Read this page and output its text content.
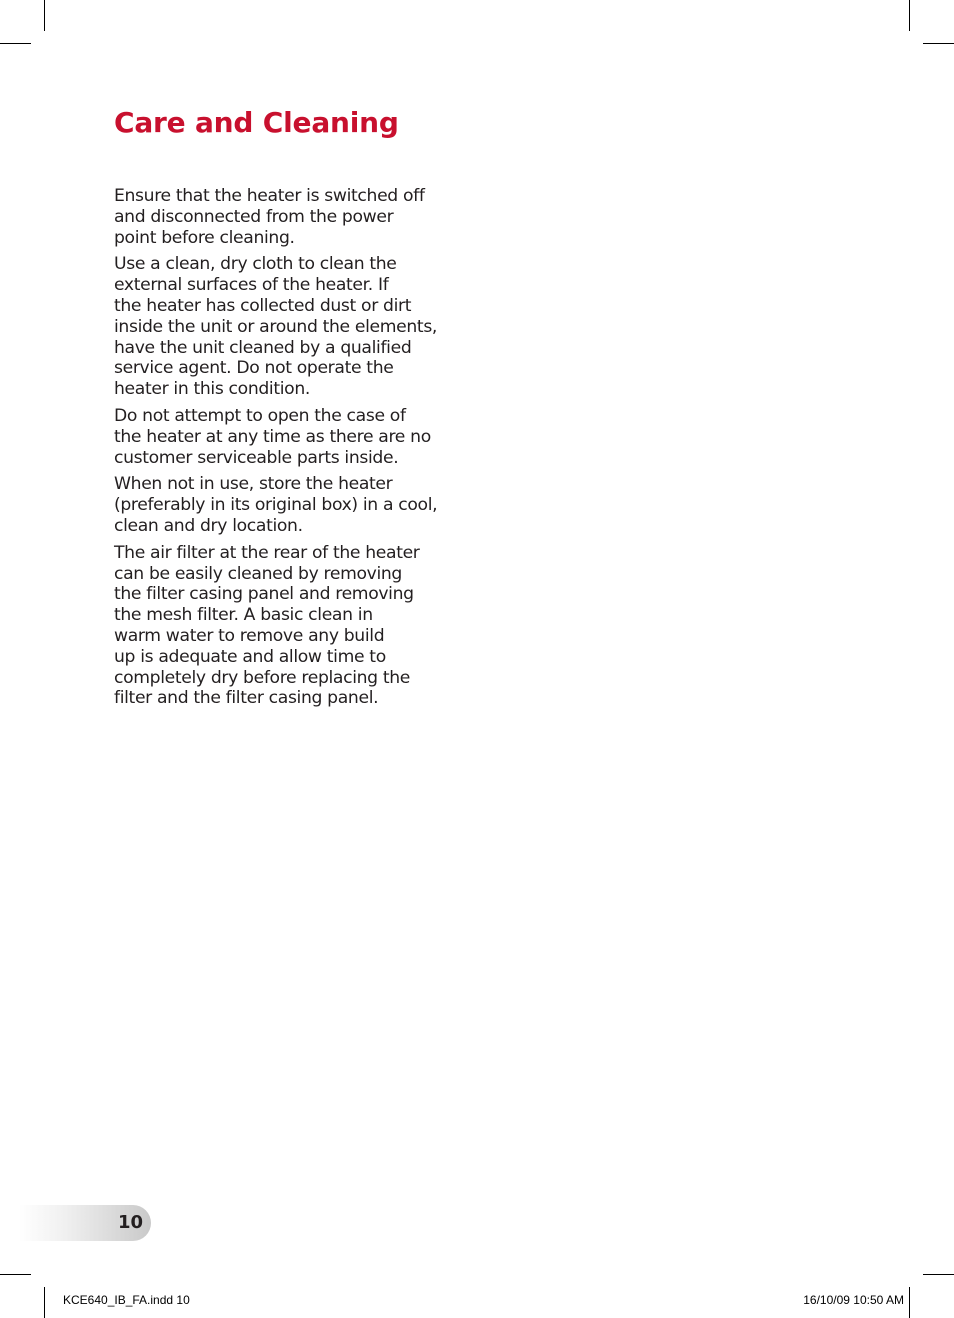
Care and Cleaning

Ensure that the heater is switched off
and disconnected from the power
point before cleaning.

Use a clean, dry cloth to clean the
external surfaces of the heater. If
the heater has collected dust or dirt
inside the unit or around the elements,
have the unit cleaned by a qualified
service agent. Do not operate the
heater in this condition.

Do not attempt to open the case of
the heater at any time as there are no
customer serviceable parts inside.

When not in use, store the heater
(preferably in its original box) in a cool,
clean and dry location.

The air filter at the rear of the heater
can be easily cleaned by removing
the filter casing panel and removing
the mesh filter. A basic clean in
warm water to remove any build
up is adequate and allow time to
completely dry before replacing the
filter and the filter casing panel.

10
KCE640_IB_FA.indd 10	16/10/09 10:50 AM
